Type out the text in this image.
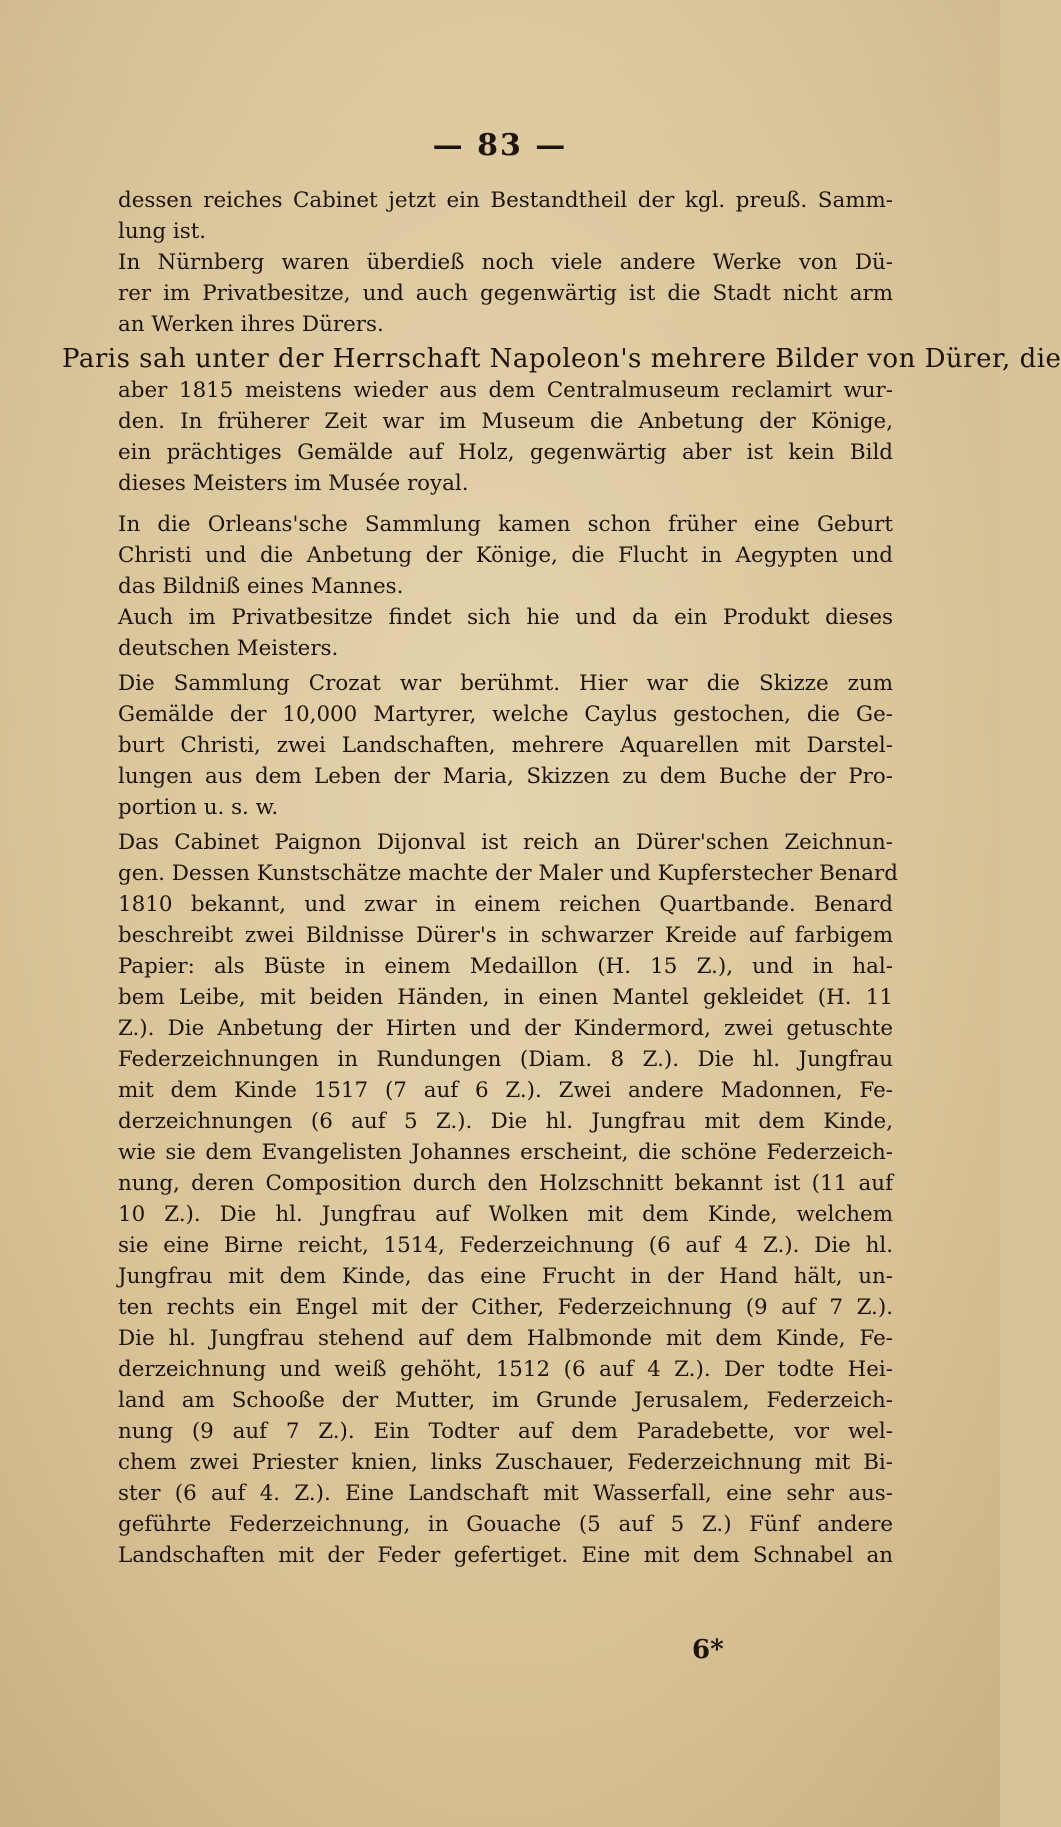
— 83 —
dessen reiches Cabinet jetzt ein Bestandtheil der kgl. preuß. Samm-
lung ist.
In Nürnberg waren überdieß noch viele andere Werke von Dü-
rer im Privatbesitze, und auch gegenwärtig ist die Stadt nicht arm
an Werken ihres Dürers.
Paris sah unter der Herrschaft Napoleon's mehrere Bilder von Dürer, die
aber 1815 meistens wieder aus dem Centralmuseum reclamirt wur-
den. In früherer Zeit war im Museum die Anbetung der Könige,
ein prächtiges Gemälde auf Holz, gegenwärtig aber ist kein Bild
dieses Meisters im Musée royal.
In die Orleans'sche Sammlung kamen schon früher eine Geburt
Christi und die Anbetung der Könige, die Flucht in Aegypten und
das Bildniß eines Mannes.
Auch im Privatbesitze findet sich hie und da ein Produkt dieses
deutschen Meisters.
Die Sammlung Crozat war berühmt. Hier war die Skizze zum
Gemälde der 10,000 Martyrer, welche Caylus gestochen, die Ge-
burt Christi, zwei Landschaften, mehrere Aquarellen mit Darstel-
lungen aus dem Leben der Maria, Skizzen zu dem Buche der Pro-
portion u. s. w.
Das Cabinet Paignon Dijonval ist reich an Dürer'schen Zeichnun-
gen. Dessen Kunstschätze machte der Maler und Kupferstecher Benard
1810 bekannt, und zwar in einem reichen Quartbande. Benard
beschreibt zwei Bildnisse Dürer's in schwarzer Kreide auf farbigem
Papier: als Büste in einem Medaillon (H. 15 Z.), und in hal-
bem Leibe, mit beiden Händen, in einen Mantel gekleidet (H. 11
Z.). Die Anbetung der Hirten und der Kindermord, zwei getuschte
Federzeichnungen in Rundungen (Diam. 8 Z.). Die hl. Jungfrau
mit dem Kinde 1517 (7 auf 6 Z.). Zwei andere Madonnen, Fe-
derzeichnungen (6 auf 5 Z.). Die hl. Jungfrau mit dem Kinde,
wie sie dem Evangelisten Johannes erscheint, die schöne Federzeich-
nung, deren Composition durch den Holzschnitt bekannt ist (11 auf
10 Z.). Die hl. Jungfrau auf Wolken mit dem Kinde, welchem
sie eine Birne reicht, 1514, Federzeichnung (6 auf 4 Z.). Die hl.
Jungfrau mit dem Kinde, das eine Frucht in der Hand hält, un-
ten rechts ein Engel mit der Cither, Federzeichnung (9 auf 7 Z.).
Die hl. Jungfrau stehend auf dem Halbmonde mit dem Kinde, Fe-
derzeichnung und weiß gehöht, 1512 (6 auf 4 Z.). Der todte Hei-
land am Schooße der Mutter, im Grunde Jerusalem, Federzeich-
nung (9 auf 7 Z.). Ein Todter auf dem Paradebette, vor wel-
chem zwei Priester knien, links Zuschauer, Federzeichnung mit Bi-
ster (6 auf 4. Z.). Eine Landschaft mit Wasserfall, eine sehr aus-
geführte Federzeichnung, in Gouache (5 auf 5 Z.) Fünf andere
Landschaften mit der Feder gefertiget. Eine mit dem Schnabel an
6*
